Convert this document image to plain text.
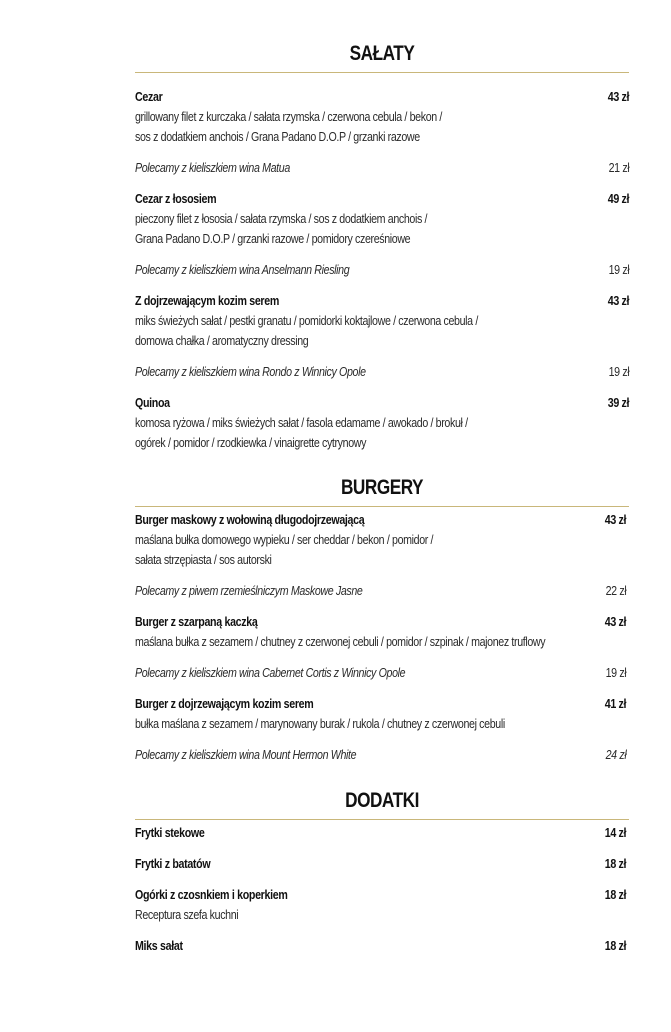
SAŁATY
Cezar	43 zł
grillowany filet z kurczaka / sałata rzymska / czerwona cebula / bekon /
sos z dodatkiem anchois / Grana Padano D.O.P / grzanki razowe
Polecamy z kieliszkiem wina Matua	21 zł
Cezar z łososiem	49 zł
pieczony filet z łososia / sałata rzymska / sos z dodatkiem anchois /
Grana Padano D.O.P / grzanki razowe / pomidory czereśniowe
Polecamy z kieliszkiem wina Anselmann Riesling	19 zł
Z dojrzewającym kozim serem	43 zł
miks świeżych sałat / pestki granatu / pomidorki koktajlowe / czerwona cebula /
domowa chałka / aromatyczny dressing
Polecamy z kieliszkiem wina Rondo z Winnicy Opole	19 zł
Quinoa	39 zł
komosa ryżowa / miks świeżych sałat / fasola edamame / awokado / brokuł /
ogórek / pomidor / rzodkiewka / vinaigrette cytrynowy
BURGERY
Burger maskowy z wołowiną długodojrzewającą	43 zł
maślana bułka domowego wypieku / ser cheddar / bekon / pomidor /
sałata strzępiasta / sos autorski
Polecamy z piwem rzemieślniczym Maskowe Jasne	22 zł
Burger z szarpaną kaczką	43 zł
maślana bułka z sezamem / chutney z czerwonej cebuli / pomidor / szpinak / majonez truflowy
Polecamy z kieliszkiem wina Cabernet Cortis z Winnicy Opole	19 zł
Burger z dojrzewającym kozim serem	41 zł
bułka maślana z sezamem / marynowany burak / rukola / chutney z czerwonej cebuli
Polecamy z kieliszkiem wina Mount Hermon White	24 zł
DODATKI
Frytki stekowe	14 zł
Frytki z batatów	18 zł
Ogórki z czosnkiem i koperkiem	18 zł
Receptura szefa kuchni
Miks sałat	18 zł
